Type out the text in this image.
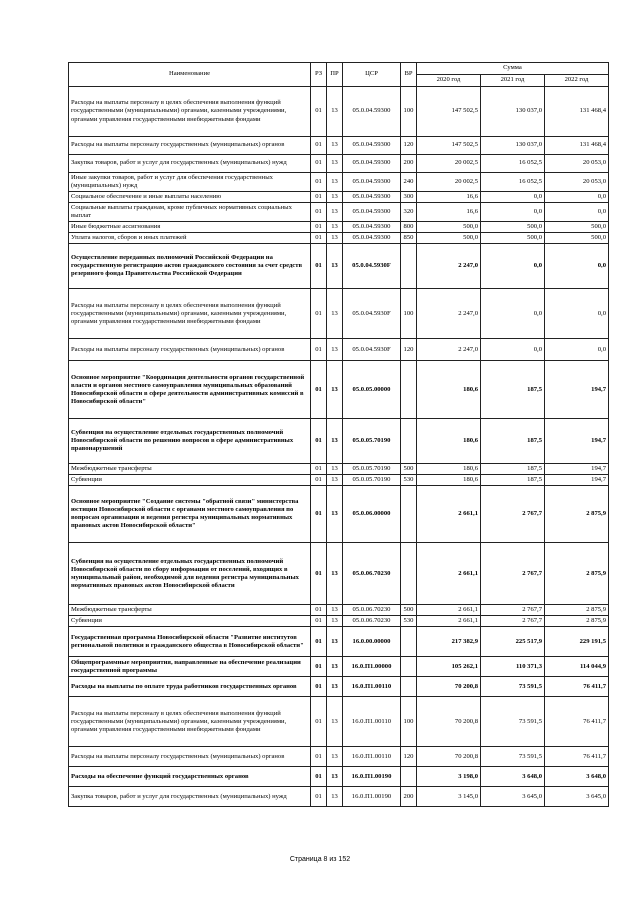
Наименование	РЗ	ПР	ЦСР	ВР	Сумма		
					2020 год	2021 год	2022 год
Расходы на выплаты персоналу в целях обеспечения выполнения функций государственными (муниципальными) органами, казенными учреждениями, органами управления государственными внебюджетными фондами	01	13	05.0.04.59300	100	147 502,5	130 037,0	131 468,4
Расходы на выплаты персоналу государственных (муниципальных) органов	01	13	05.0.04.59300	120	147 502,5	130 037,0	131 468,4
Закупка товаров, работ и услуг для государственных (муниципальных) нужд	01	13	05.0.04.59300	200	20 002,5	16 052,5	20 053,0
Иные закупки товаров, работ и услуг для обеспечения государственных (муниципальных) нужд	01	13	05.0.04.59300	240	20 002,5	16 052,5	20 053,0
Социальное обеспечение и иные выплаты населению	01	13	05.0.04.59300	300	16,6	0,0	0,0
Социальные выплаты гражданам, кроме публичных нормативных социальных выплат	01	13	05.0.04.59300	320	16,6	0,0	0,0
Иные бюджетные ассигнования	01	13	05.0.04.59300	800	500,0	500,0	500,0
Уплата налогов, сборов и иных платежей	01	13	05.0.04.59300	850	500,0	500,0	500,0
Осуществление переданных полномочий Российской Федерации на государственную регистрацию актов гражданского состояния за счет средств резервного фонда Правительства Российской Федерации	01	13	05.0.04.5930F		2 247,0	0,0	0,0
Расходы на выплаты персоналу в целях обеспечения выполнения функций государственными (муниципальными) органами, казенными учреждениями, органами управления государственными внебюджетными фондами	01	13	05.0.04.5930F	100	2 247,0	0,0	0,0
Расходы на выплаты персоналу государственных (муниципальных) органов	01	13	05.0.04.5930F	120	2 247,0	0,0	0,0
Основное мероприятие "Координация деятельности органов государственной власти и органов местного самоуправления муниципальных образований Новосибирской области в сфере деятельности административных комиссий в Новосибирской области"	01	13	05.0.05.00000		180,6	187,5	194,7
Субвенция на осуществление отдельных государственных полномочий Новосибирской области по решению вопросов в сфере административных правонарушений	01	13	05.0.05.70190		180,6	187,5	194,7
Межбюджетные трансферты	01	13	05.0.05.70190	500	180,6	187,5	194,7
Субвенции	01	13	05.0.05.70190	530	180,6	187,5	194,7
Основное мероприятие "Создание системы "обратной связи" министерства юстиции Новосибирской области с органами местного самоуправления по вопросам организации и ведения регистра муниципальных нормативных правовых актов Новосибирской области"	01	13	05.0.06.00000		2 661,1	2 767,7	2 875,9
Субвенция на осуществление отдельных государственных полномочий Новосибирской области по сбору информации от поселений, входящих в муниципальный район, необходимой для ведения регистра муниципальных нормативных правовых актов Новосибирской области	01	13	05.0.06.70230		2 661,1	2 767,7	2 875,9
Межбюджетные трансферты	01	13	05.0.06.70230	500	2 661,1	2 767,7	2 875,9
Субвенции	01	13	05.0.06.70230	530	2 661,1	2 767,7	2 875,9
Государственная программа Новосибирской области "Развитие институтов региональной политики и гражданского общества в Новосибирской области"	01	13	16.0.00.00000		217 382,9	225 517,9	229 191,5
Общепрограммные мероприятия, направленные на обеспечение реализации государственной программы	01	13	16.0.П1.00000		105 262,1	110 371,3	114 044,9
Расходы на выплаты по оплате труда работников государственных органов	01	13	16.0.П1.00110		70 200,8	73 591,5	76 411,7
Расходы на выплаты персоналу в целях обеспечения выполнения функций государственными (муниципальными) органами, казенными учреждениями, органами управления государственными внебюджетными фондами	01	13	16.0.П1.00110	100	70 200,8	73 591,5	76 411,7
Расходы на выплаты персоналу государственных (муниципальных) органов	01	13	16.0.П1.00110	120	70 200,8	73 591,5	76 411,7
Расходы на обеспечение функций государственных органов	01	13	16.0.П1.00190		3 198,0	3 648,0	3 648,0
Закупка товаров, работ и услуг для государственных (муниципальных) нужд	01	13	16.0.П1.00190	200	3 145,0	3 645,0	3 645,0
Страница 8 из 152
